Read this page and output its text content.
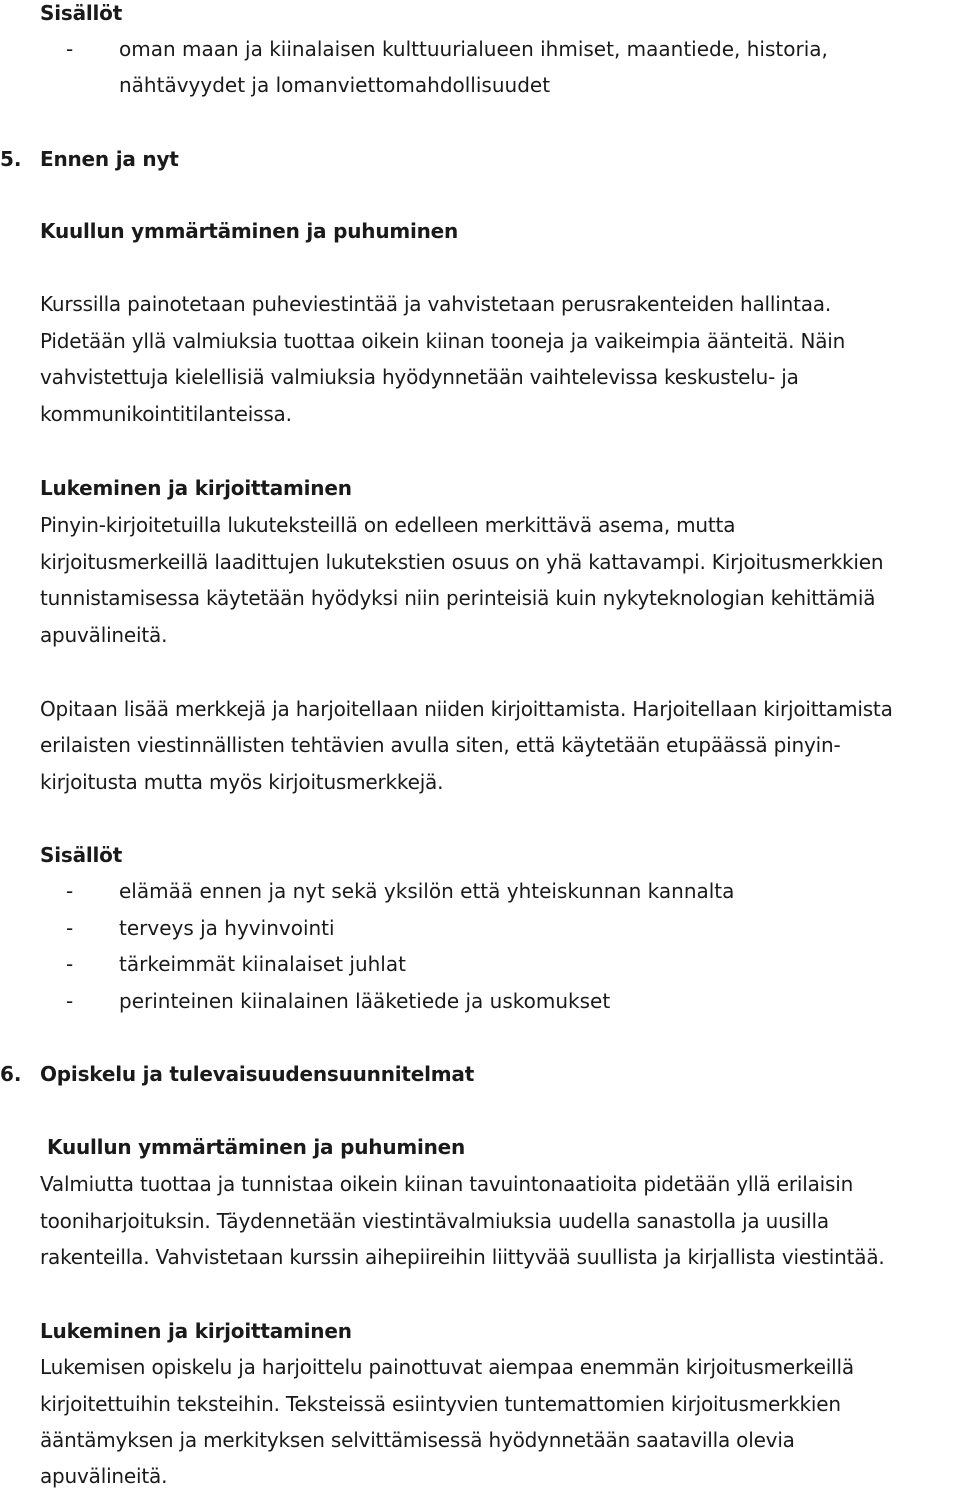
Sisällöt
- oman maan ja kiinalaisen kulttuurialueen ihmiset, maantiede, historia,
nähtävyydet ja lomanviettomahdollisuudet
5. Ennen ja nyt
Kuullun ymmärtäminen ja puhuminen
Kurssilla painotetaan puheviestintää ja vahvistetaan perusrakenteiden hallintaa.
Pidetään yllä valmiuksia tuottaa oikein kiinan tooneja ja vaikeimpia äänteitä. Näin
vahvistettuja kielellisiä valmiuksia hyödynnetään vaihtelevissa keskustelu- ja
kommunikointitilanteissa.
Lukeminen ja kirjoittaminen
Pinyin-kirjoitetuilla lukuteksteillä on edelleen merkittävä asema, mutta
kirjoitusmerkeillä laadittujen lukutekstien osuus on yhä kattavampi. Kirjoitusmerkkien
tunnistamisessa käytetään hyödyksi niin perinteisiä kuin nykyteknologian kehittämiä
apuvälineitä.
Opitaan lisää merkkejä ja harjoitellaan niiden kirjoittamista. Harjoitellaan kirjoittamista
erilaisten viestinnällisten tehtävien avulla siten, että käytetään etupäässä pinyin-
kirjoitusta mutta myös kirjoitusmerkkejä.
Sisällöt
- elämää ennen ja nyt sekä yksilön että yhteiskunnan kannalta
- terveys ja hyvinvointi
- tärkeimmät kiinalaiset juhlat
- perinteinen kiinalainen lääketiede ja uskomukset
6. Opiskelu ja tulevaisuudensuunnitelmat
Kuullun ymmärtäminen ja puhuminen
Valmiutta tuottaa ja tunnistaa oikein kiinan tavuintonaatioita pidetään yllä erilaisin
tooniharjoituksin. Täydennetään viestintävalmiuksia uudella sanastolla ja uusilla
rakenteilla. Vahvistetaan kurssin aihepiireihin liittyvää suullista ja kirjallista viestintää.
Lukeminen ja kirjoittaminen
Lukemisen opiskelu ja harjoittelu painottuvat aiempaa enemmän kirjoitusmerkeillä
kirjoitettuihin teksteihin. Teksteissä esiintyvien tuntemattomien kirjoitusmerkkien
ääntämyksen ja merkityksen selvittämisessä hyödynnetään saatavilla olevia
apuvälineitä.
